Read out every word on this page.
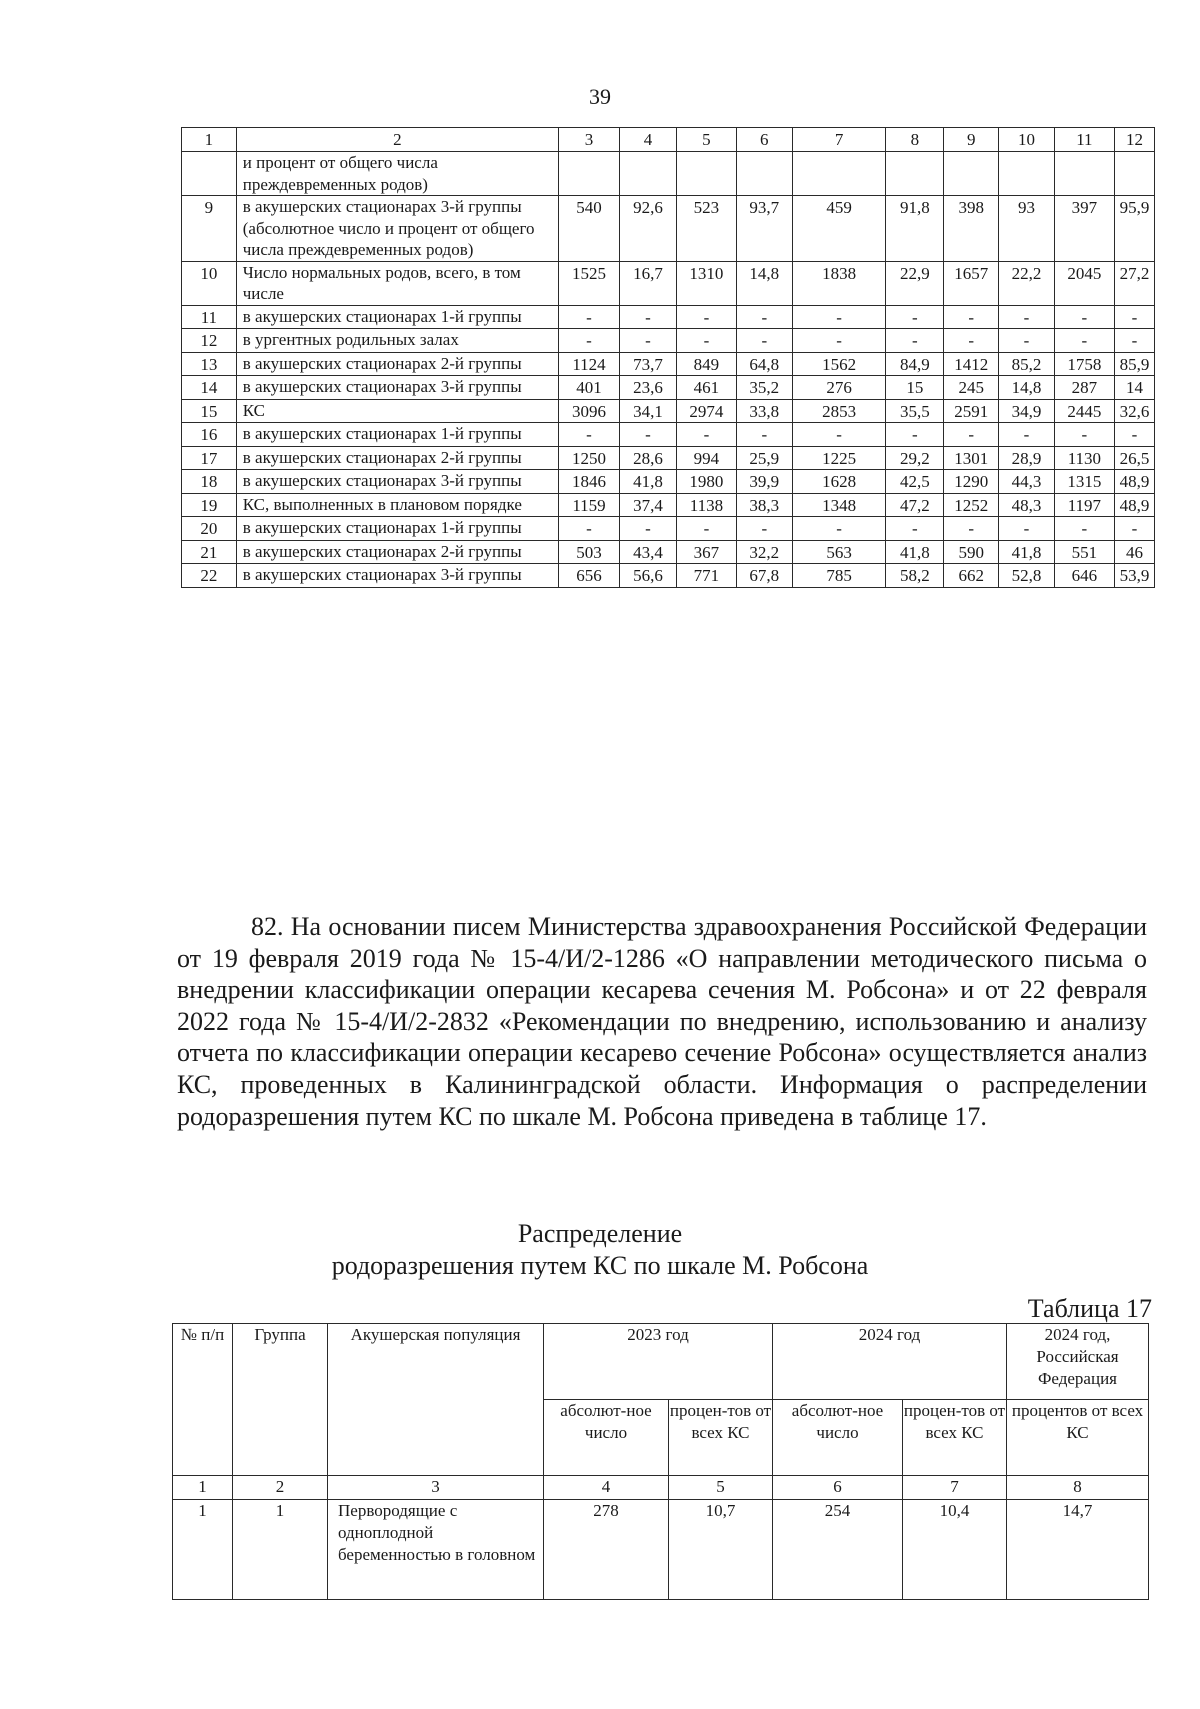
39
1	2	3	4	5	6	7	8	9	10	11	12
	и процент от общего числа преждевременных родов)										
9	в акушерских стационарах 3-й группы (абсолютное число и процент от общего числа преждевременных родов)	540	92,6	523	93,7	459	91,8	398	93	397	95,9
10	Число нормальных родов, всего, в том числе	1525	16,7	1310	14,8	1838	22,9	1657	22,2	2045	27,2
11	в акушерских стационарах 1-й группы	-	-	-	-	-	-	-	-	-	-
12	в ургентных родильных залах	-	-	-	-	-	-	-	-	-	-
13	в акушерских стационарах 2-й группы	1124	73,7	849	64,8	1562	84,9	1412	85,2	1758	85,9
14	в акушерских стационарах 3-й группы	401	23,6	461	35,2	276	15	245	14,8	287	14
15	КС	3096	34,1	2974	33,8	2853	35,5	2591	34,9	2445	32,6
16	в акушерских стационарах 1-й группы	-	-	-	-	-	-	-	-	-	-
17	в акушерских стационарах 2-й группы	1250	28,6	994	25,9	1225	29,2	1301	28,9	1130	26,5
18	в акушерских стационарах 3-й группы	1846	41,8	1980	39,9	1628	42,5	1290	44,3	1315	48,9
19	КС, выполненных в плановом порядке	1159	37,4	1138	38,3	1348	47,2	1252	48,3	1197	48,9
20	в акушерских стационарах 1-й группы	-	-	-	-	-	-	-	-	-	-
21	в акушерских стационарах 2-й группы	503	43,4	367	32,2	563	41,8	590	41,8	551	46
22	в акушерских стационарах 3-й группы	656	56,6	771	67,8	785	58,2	662	52,8	646	53,9

82. На основании писем Министерства здравоохранения Российской Федерации от 19 февраля 2019 года № 15-4/И/2-1286 «О направлении методического письма о внедрении классификации операции кесарева сечения М. Робсона» и от 22 февраля 2022 года № 15-4/И/2-2832 «Рекомендации по внедрению, использованию и анализу отчета по классификации операции кесарево сечение Робсона» осуществляется анализ КС, проведенных в Калининградской области. Информация о распределении родоразрешения путем КС по шкале М. Робсона приведена в таблице 17.

Распределение

родоразрешения путем КС по шкале М. Робсона

Таблица 17

№ п/п	Группа	Акушерская популяция	2023 год		2024 год		2024 год, Российская Федерация
			абсолют-ное число	процен-тов от всех КС	абсолют-ное число	процен-тов от всех КС	процентов от всех КС
1	2	3	4	5	6	7	8
1	1	Первородящие с одноплодной беременностью в головном	278	10,7	254	10,4	14,7
